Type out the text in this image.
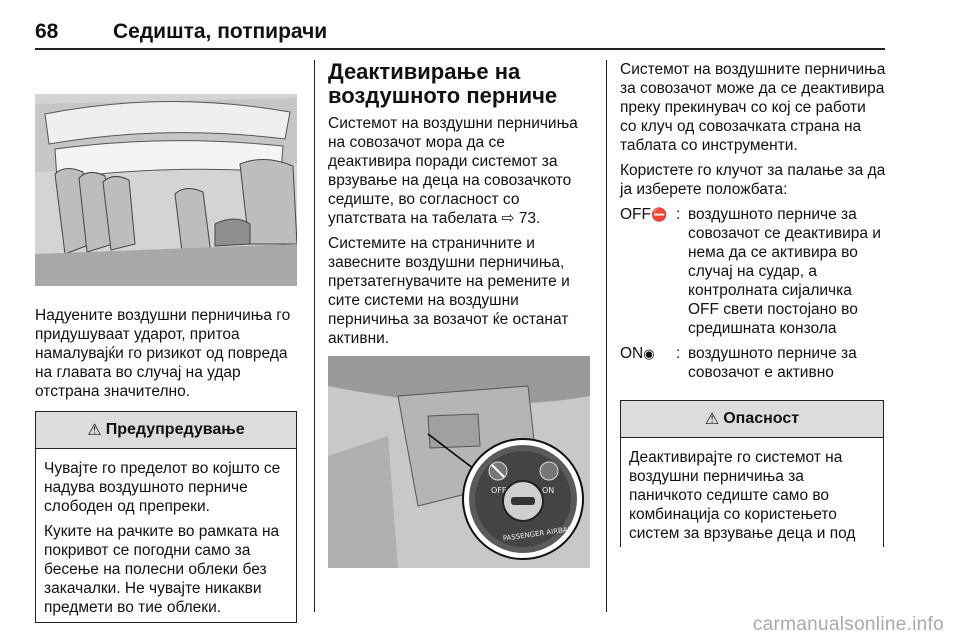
68	Седишта, потпирачи

Надуените воздушни перничиња го придушуваат ударот, притоа намалувајќи го ризикот од повреда на главата во случај на удар отстрана значително.

⚠ Предупредување

Чувајте го пределот во којшто се надува воздушното перниче слободен од препреки.

Куките на рачките во рамката на покривот се погодни само за бесење на полесни облеки без закачалки. Не чувајте никакви предмети во тие облеки.

Деактивирање на воздушното перниче

Системот на воздушни перничиња на совозачот мора да се деактивира поради системот за врзување на деца на совозачкото седиште, во согласност со упатствата на табелата ⇨ 73.

Системите на страничните и завесните воздушни перничиња, претзатегнувачите на ремените и сите системи на воздушни перничиња за возачот ќе останат активни.

OFF	ON
PASSENGER AIRBAG

Системот на воздушните перничиња за совозачот може да се деактивира преку прекинувач со кој се работи со клуч од совозачката страна на таблата со инструменти.

Користете го клучот за палање за да ја изберете положбата:

OFF⛔ : воздушното перниче за совозачот се деактивира и нема да се активира во случај на судар, а контролната сијаличка OFF свети постојано во средишната конзола
ON◉	: воздушното перниче за совозачот е активно
⚠ Опасност

Деактивирајте го системот на воздушни перничиња за паничкото седиште само во комбинација со користењето систем за врзување деца и под

carmanualsonline.info
